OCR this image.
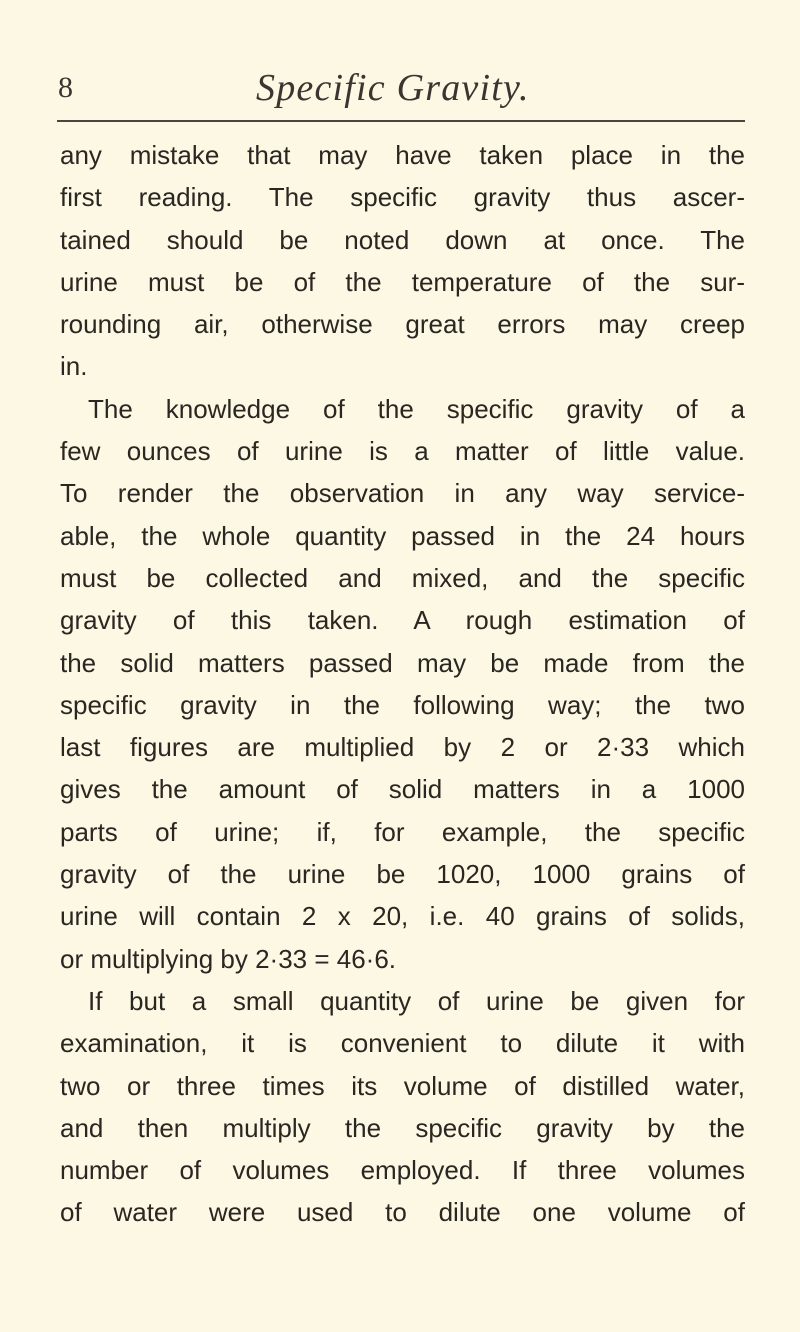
8	Specific Gravity.
any mistake that may have taken place in the
first reading. The specific gravity thus ascer-
tained should be noted down at once. The
urine must be of the temperature of the sur-
rounding air, otherwise great errors may creep
in.
The knowledge of the specific gravity of a
few ounces of urine is a matter of little value.
To render the observation in any way service-
able, the whole quantity passed in the 24 hours
must be collected and mixed, and the specific
gravity of this taken. A rough estimation of
the solid matters passed may be made from the
specific gravity in the following way; the two
last figures are multiplied by 2 or 2·33 which
gives the amount of solid matters in a 1000
parts of urine; if, for example, the specific
gravity of the urine be 1020, 1000 grains of
urine will contain 2 x 20, i.e. 40 grains of solids,
or multiplying by 2·33 = 46·6.
If but a small quantity of urine be given for
examination, it is convenient to dilute it with
two or three times its volume of distilled water,
and then multiply the specific gravity by the
number of volumes employed. If three volumes
of water were used to dilute one volume of
